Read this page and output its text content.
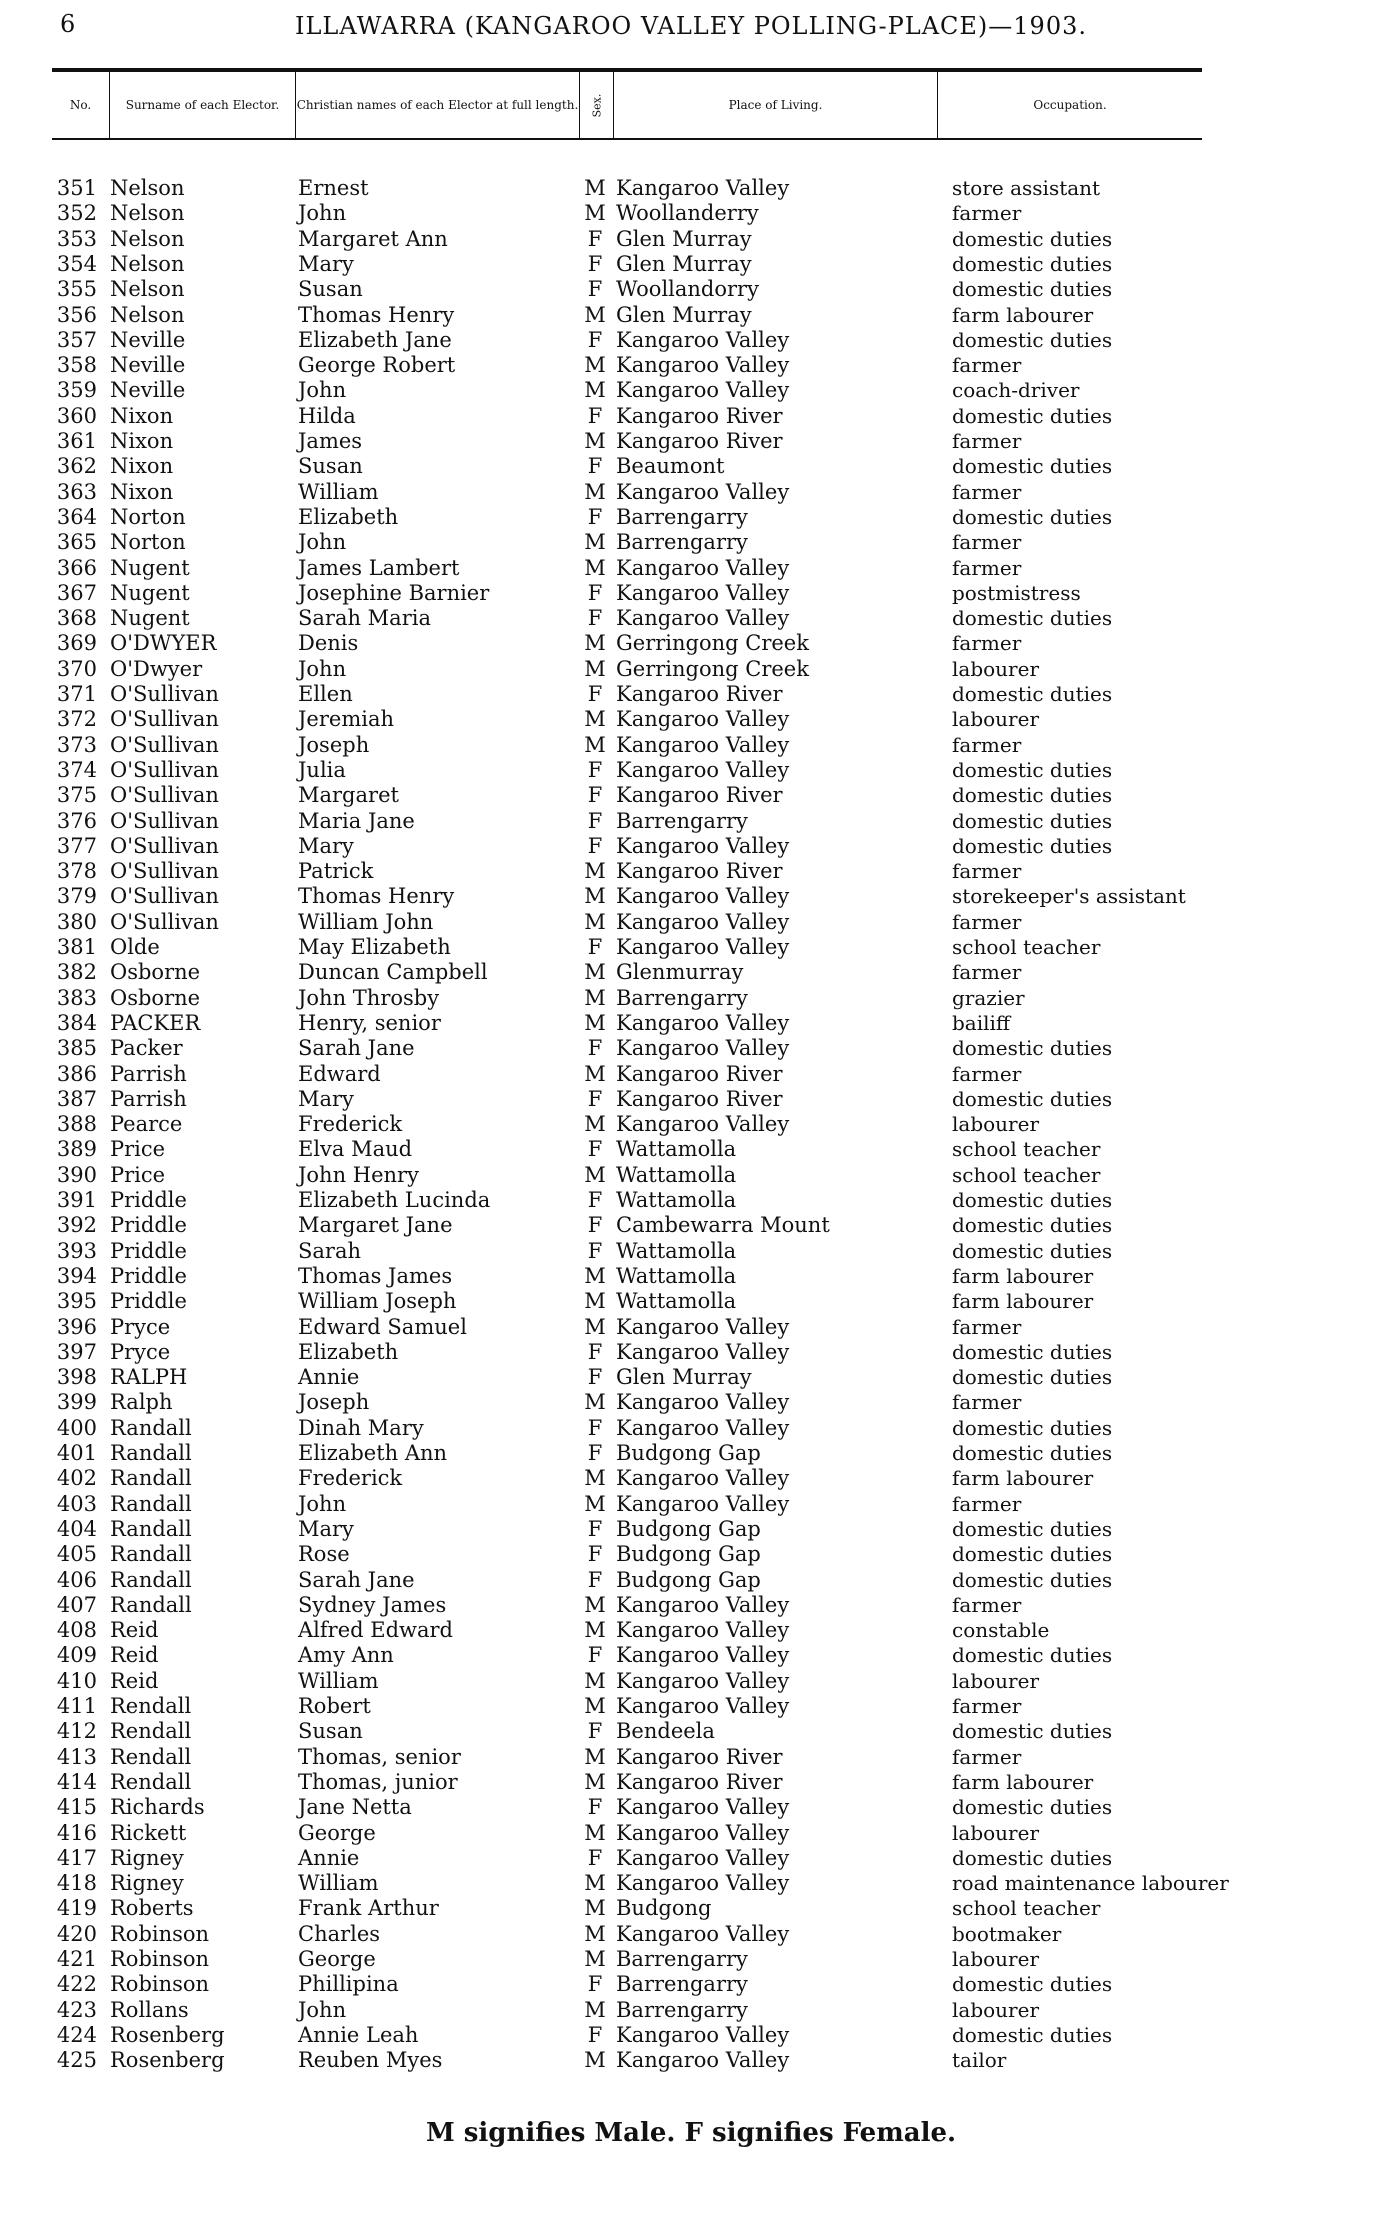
6	ILLAWARRA (KANGAROO VALLEY POLLING-PLACE)—1903.
No.	Surname of each Elector.	Christian names of each Elector at full length. Sex.	Place of Living.	Occupation.
351 Nelson	Ernest	M Kangaroo Valley	store assistant
352 Nelson	John	M Woollanderry	farmer
353 Nelson	Margaret Ann	F Glen Murray	domestic duties
354 Nelson	Mary	F Glen Murray	domestic duties
355 Nelson	Susan	F Woollandorry	domestic duties
356 Nelson	Thomas Henry	M Glen Murray	farm labourer
357 Neville	Elizabeth Jane	F Kangaroo Valley	domestic duties
358 Neville	George Robert	M Kangaroo Valley	farmer
359 Neville	John	M Kangaroo Valley	coach-driver
360 Nixon	Hilda	F Kangaroo River	domestic duties
361 Nixon	James	M Kangaroo River	farmer
362 Nixon	Susan	F Beaumont	domestic duties
363 Nixon	William	M Kangaroo Valley	farmer
364 Norton	Elizabeth	F Barrengarry	domestic duties
365 Norton	John	M Barrengarry	farmer
366 Nugent	James Lambert	M Kangaroo Valley	farmer
367 Nugent	Josephine Barnier	F Kangaroo Valley	postmistress
368 Nugent	Sarah Maria	F Kangaroo Valley	domestic duties
369 O'DWYER	Denis	M Gerringong Creek	farmer
370 O'Dwyer	John	M Gerringong Creek	labourer
371 O'Sullivan	Ellen	F Kangaroo River	domestic duties
372 O'Sullivan	Jeremiah	M Kangaroo Valley	labourer
373 O'Sullivan	Joseph	M Kangaroo Valley	farmer
374 O'Sullivan	Julia	F Kangaroo Valley	domestic duties
375 O'Sullivan	Margaret	F Kangaroo River	domestic duties
376 O'Sullivan	Maria Jane	F Barrengarry	domestic duties
377 O'Sullivan	Mary	F Kangaroo Valley	domestic duties
378 O'Sullivan	Patrick	M Kangaroo River	farmer
379 O'Sullivan	Thomas Henry	M Kangaroo Valley	storekeeper's assistant
380 O'Sullivan	William John	M Kangaroo Valley	farmer
381 Olde	May Elizabeth	F Kangaroo Valley	school teacher
382 Osborne	Duncan Campbell	M Glenmurray	farmer
383 Osborne	John Throsby	M Barrengarry	grazier
384 PACKER	Henry, senior	M Kangaroo Valley	bailiff
385 Packer	Sarah Jane	F Kangaroo Valley	domestic duties
386 Parrish	Edward	M Kangaroo River	farmer
387 Parrish	Mary	F Kangaroo River	domestic duties
388 Pearce	Frederick	M Kangaroo Valley	labourer
389 Price	Elva Maud	F Wattamolla	school teacher
390 Price	John Henry	M Wattamolla	school teacher
391 Priddle	Elizabeth Lucinda	F Wattamolla	domestic duties
392 Priddle	Margaret Jane	F Cambewarra Mount	domestic duties
393 Priddle	Sarah	F Wattamolla	domestic duties
394 Priddle	Thomas James	M Wattamolla	farm labourer
395 Priddle	William Joseph	M Wattamolla	farm labourer
396 Pryce	Edward Samuel	M Kangaroo Valley	farmer
397 Pryce	Elizabeth	F Kangaroo Valley	domestic duties
398 RALPH	Annie	F Glen Murray	domestic duties
399 Ralph	Joseph	M Kangaroo Valley	farmer
400 Randall	Dinah Mary	F Kangaroo Valley	domestic duties
401 Randall	Elizabeth Ann	F Budgong Gap	domestic duties
402 Randall	Frederick	M Kangaroo Valley	farm labourer
403 Randall	John	M Kangaroo Valley	farmer
404 Randall	Mary	F Budgong Gap	domestic duties
405 Randall	Rose	F Budgong Gap	domestic duties
406 Randall	Sarah Jane	F Budgong Gap	domestic duties
407 Randall	Sydney James	M Kangaroo Valley	farmer
408 Reid	Alfred Edward	M Kangaroo Valley	constable
409 Reid	Amy Ann	F Kangaroo Valley	domestic duties
410 Reid	William	M Kangaroo Valley	labourer
411 Rendall	Robert	M Kangaroo Valley	farmer
412 Rendall	Susan	F Bendeela	domestic duties
413 Rendall	Thomas, senior	M Kangaroo River	farmer
414 Rendall	Thomas, junior	M Kangaroo River	farm labourer
415 Richards	Jane Netta	F Kangaroo Valley	domestic duties
416 Rickett	George	M Kangaroo Valley	labourer
417 Rigney	Annie	F Kangaroo Valley	domestic duties
418 Rigney	William	M Kangaroo Valley	road maintenance labourer
419 Roberts	Frank Arthur	M Budgong	school teacher
420 Robinson	Charles	M Kangaroo Valley	bootmaker
421 Robinson	George	M Barrengarry	labourer
422 Robinson	Phillipina	F Barrengarry	domestic duties
423 Rollans	John	M Barrengarry	labourer
424 Rosenberg	Annie Leah	F Kangaroo Valley	domestic duties
425 Rosenberg	Reuben Myes	M Kangaroo Valley	tailor
M signifies Male. F signifies Female.
